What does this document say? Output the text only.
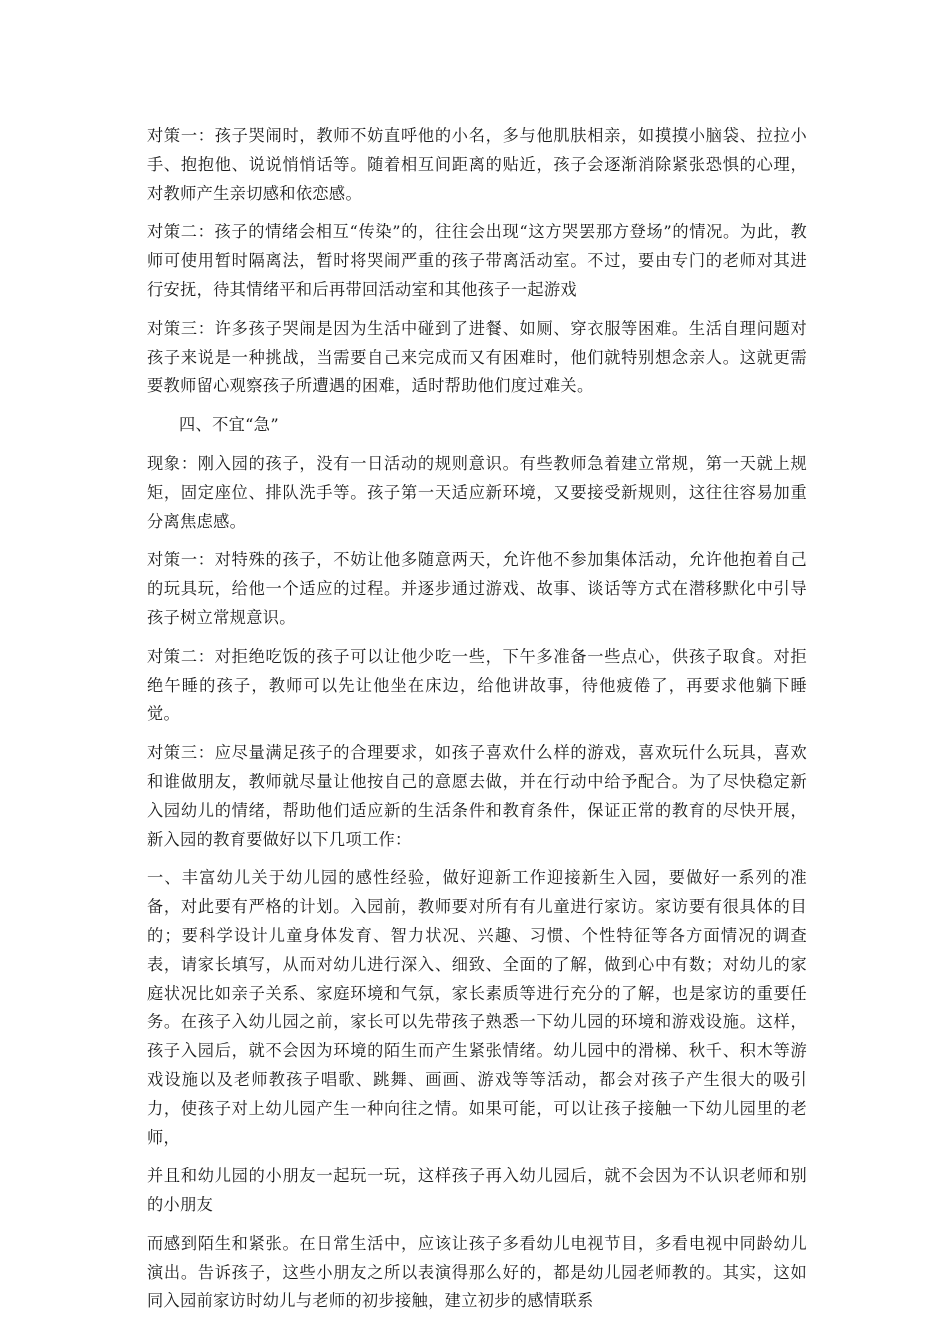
对策一：孩子哭闹时，教师不妨直呼他的小名，多与他肌肤相亲，如摸摸小脑袋、拉拉小手、抱抱他、说说悄悄话等。随着相互间距离的贴近，孩子会逐渐消除紧张恐惧的心理，对教师产生亲切感和依恋感。

对策二：孩子的情绪会相互“传染”的，往往会出现“这方哭罢那方登场”的情况。为此，教师可使用暂时隔离法，暂时将哭闹严重的孩子带离活动室。不过，要由专门的老师对其进行安抚，待其情绪平和后再带回活动室和其他孩子一起游戏

对策三：许多孩子哭闹是因为生活中碰到了进餐、如厕、穿衣服等困难。生活自理问题对孩子来说是一种挑战，当需要自己来完成而又有困难时，他们就特别想念亲人。这就更需要教师留心观察孩子所遭遇的困难，适时帮助他们度过难关。

四、不宜“急”

现象：刚入园的孩子，没有一日活动的规则意识。有些教师急着建立常规，第一天就上规矩，固定座位、排队洗手等。孩子第一天适应新环境，又要接受新规则，这往往容易加重分离焦虑感。

对策一：对特殊的孩子，不妨让他多随意两天，允许他不参加集体活动，允许他抱着自己的玩具玩，给他一个适应的过程。并逐步通过游戏、故事、谈话等方式在潜移默化中引导孩子树立常规意识。

对策二：对拒绝吃饭的孩子可以让他少吃一些，下午多准备一些点心，供孩子取食。对拒绝午睡的孩子，教师可以先让他坐在床边，给他讲故事，待他疲倦了，再要求他躺下睡觉。

对策三：应尽量满足孩子的合理要求，如孩子喜欢什么样的游戏，喜欢玩什么玩具，喜欢和谁做朋友，教师就尽量让他按自己的意愿去做，并在行动中给予配合。为了尽快稳定新入园幼儿的情绪，帮助他们适应新的生活条件和教育条件，保证正常的教育的尽快开展，新入园的教育要做好以下几项工作：

一、丰富幼儿关于幼儿园的感性经验，做好迎新工作迎接新生入园，要做好一系列的准备，对此要有严格的计划。入园前，教师要对所有有儿童进行家访。家访要有很具体的目的；要科学设计儿童身体发育、智力状况、兴趣、习惯、个性特征等各方面情况的调查表，请家长填写，从而对幼儿进行深入、细致、全面的了解，做到心中有数；对幼儿的家庭状况比如亲子关系、家庭环境和气氛，家长素质等进行充分的了解，也是家访的重要任务。在孩子入幼儿园之前，家长可以先带孩子熟悉一下幼儿园的环境和游戏设施。这样，孩子入园后，就不会因为环境的陌生而产生紧张情绪。幼儿园中的滑梯、秋千、积木等游戏设施以及老师教孩子唱歌、跳舞、画画、游戏等等活动，都会对孩子产生很大的吸引力，使孩子对上幼儿园产生一种向往之情。如果可能，可以让孩子接触一下幼儿园里的老师，

并且和幼儿园的小朋友一起玩一玩，这样孩子再入幼儿园后，就不会因为不认识老师和别的小朋友

而感到陌生和紧张。在日常生活中，应该让孩子多看幼儿电视节目，多看电视中同龄幼儿演出。告诉孩子，这些小朋友之所以表演得那么好的，都是幼儿园老师教的。其实，这如同入园前家访时幼儿与老师的初步接触，建立初步的感情联系
